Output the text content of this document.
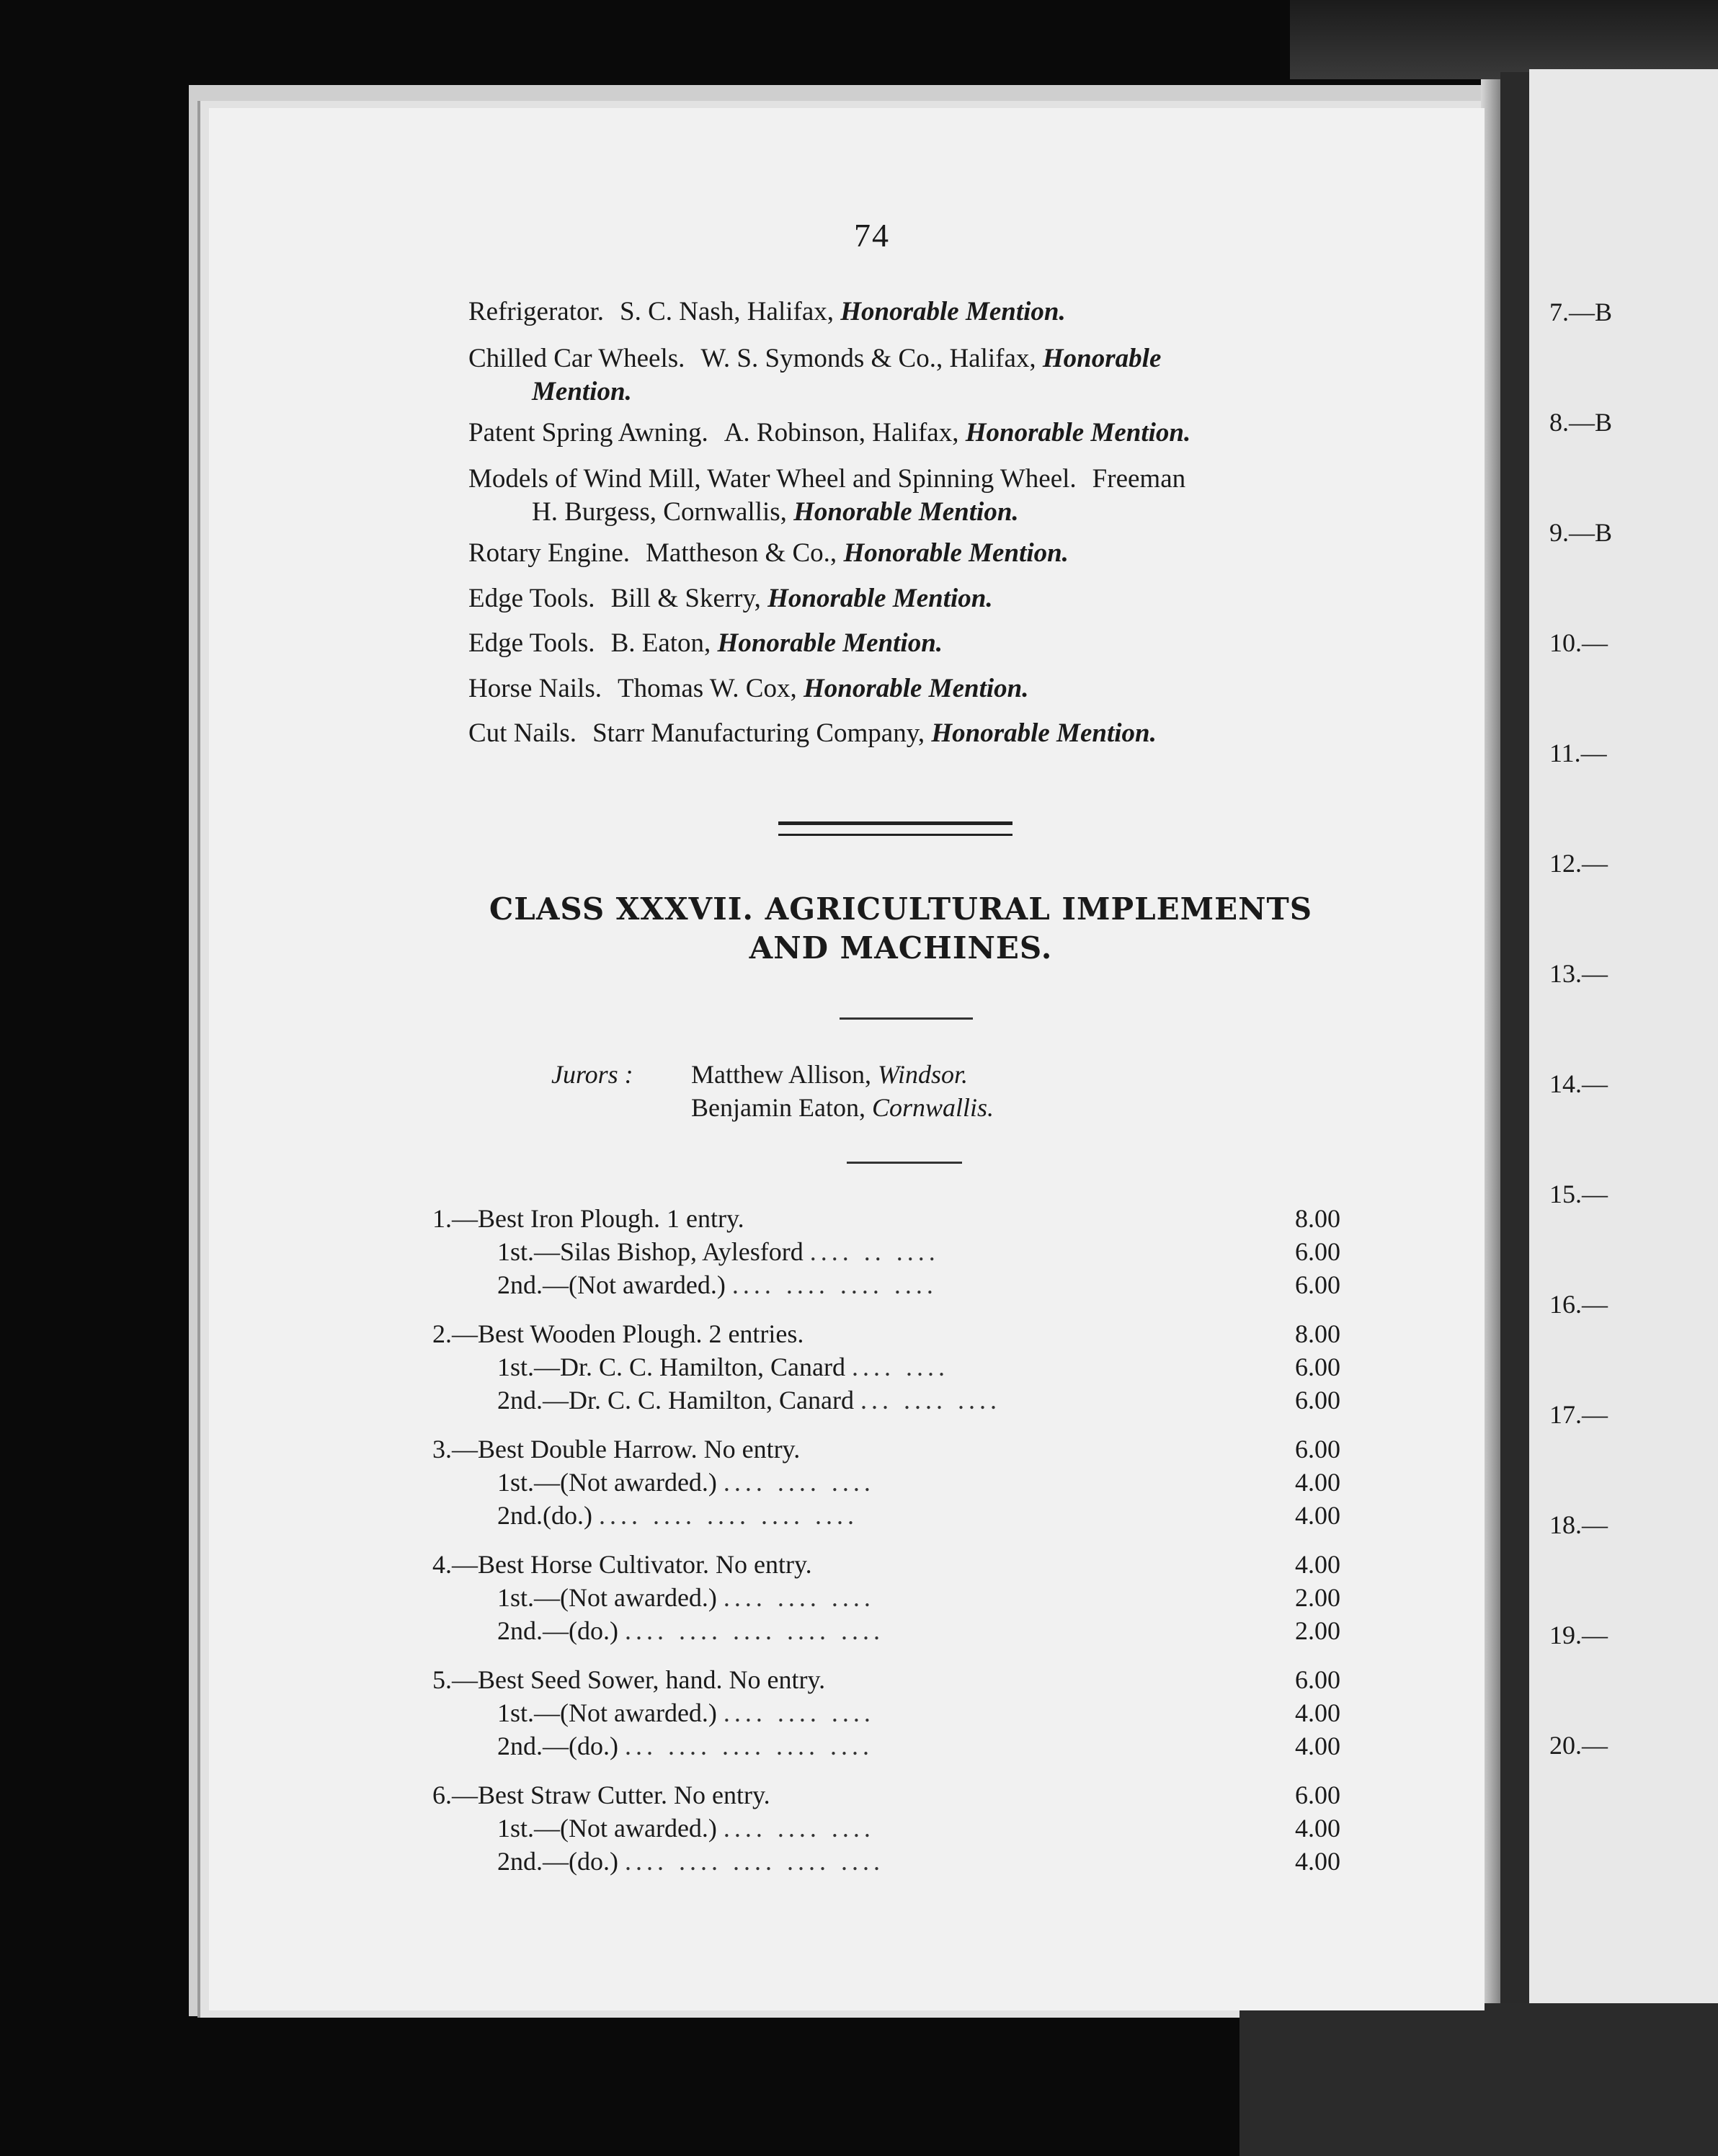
74
Refrigerator. S. C. Nash, Halifax, Honorable Mention.
Chilled Car Wheels. W. S. Symonds & Co., Halifax, Honorable
Mention.
Patent Spring Awning. A. Robinson, Halifax, Honorable Mention.
Models of Wind Mill, Water Wheel and Spinning Wheel. Freeman
H. Burgess, Cornwallis, Honorable Mention.
Rotary Engine. Mattheson & Co., Honorable Mention.
Edge Tools. Bill & Skerry, Honorable Mention.
Edge Tools. B. Eaton, Honorable Mention.
Horse Nails. Thomas W. Cox, Honorable Mention.
Cut Nails. Starr Manufacturing Company, Honorable Mention.
CLASS XXXVII. AGRICULTURAL IMPLEMENTS
AND MACHINES.
Jurors : Matthew Allison, Windsor.
Benjamin Eaton, Cornwallis.
1.—Best Iron Plough. 1 entry.	8.00
1st.—Silas Bishop, Aylesford .... .. ....	6.00
2nd.—(Not awarded.) .... .... .... ....	6.00
2.—Best Wooden Plough. 2 entries.	8.00
1st.—Dr. C. C. Hamilton, Canard .... ....	6.00
2nd.—Dr. C. C. Hamilton, Canard ... .... ....	6.00
3.—Best Double Harrow. No entry.	6.00
1st.—(Not awarded.) .... .... ....	4.00
2nd.(do.) .... .... .... .... ....	4.00
4.—Best Horse Cultivator. No entry.	4.00
1st.—(Not awarded.) .... .... ....	2.00
2nd.—(do.) .... .... .... .... ....	2.00
5.—Best Seed Sower, hand. No entry.	6.00
1st.—(Not awarded.) .... .... ....	4.00
2nd.—(do.) ... .... .... .... ....	4.00
6.—Best Straw Cutter. No entry.	6.00
1st.—(Not awarded.) .... .... ....	4.00
2nd.—(do.) .... .... .... .... ....	4.00
7.—B
8.—B
9.—B
10.—
11.—
12.—
13.—
14.—
15.—
16.—
17.—
18.—
19.—
20.—
